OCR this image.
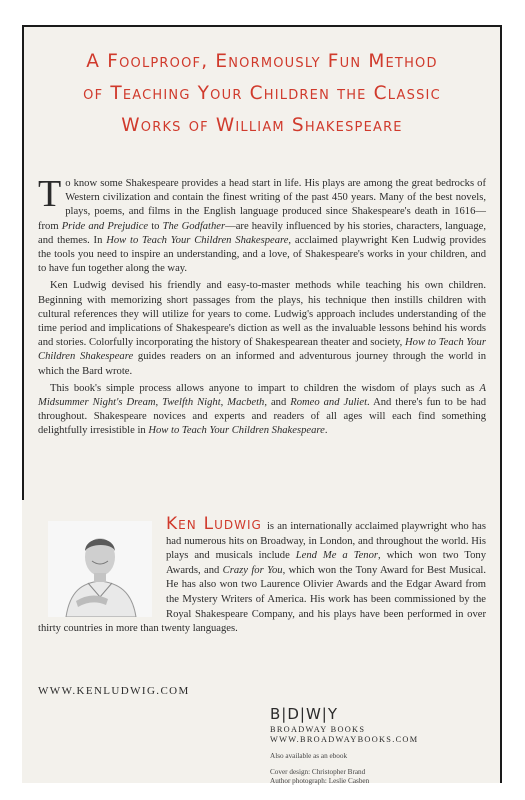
A Foolproof, Enormously Fun Method
of Teaching Your Children the Classic
Works of William Shakespeare

To know some Shakespeare provides a head start in life. His plays are among the great bedrocks of Western civilization and contain the finest writing of the past 450 years. Many of the best novels, plays, poems, and films in the English language produced since Shakespeare's death in 1616—from Pride and Prejudice to The Godfather—are heavily influenced by his stories, characters, language, and themes. In How to Teach Your Children Shakespeare, acclaimed playwright Ken Ludwig provides the tools you need to inspire an understanding, and a love, of Shakespeare's works in your children, and to have fun together along the way.

Ken Ludwig devised his friendly and easy-to-master methods while teaching his own children. Beginning with memorizing short passages from the plays, his technique then instills children with cultural references they will utilize for years to come. Ludwig's approach includes understanding of the time period and implications of Shakespeare's diction as well as the invaluable lessons behind his words and stories. Colorfully incorporating the history of Shakespearean theater and society, How to Teach Your Children Shakespeare guides readers on an informed and adventurous journey through the world in which the Bard wrote.

This book's simple process allows anyone to impart to children the wisdom of plays such as A Midsummer Night's Dream, Twelfth Night, Macbeth, and Romeo and Juliet. And there's fun to be had throughout. Shakespeare novices and experts and readers of all ages will each find something delightfully irresistible in How to Teach Your Children Shakespeare.

Ken Ludwig is an internationally acclaimed playwright who has had numerous hits on Broadway, in London, and throughout the world. His plays and musicals include Lend Me a Tenor, which won two Tony Awards, and Crazy for You, which won the Tony Award for Best Musical. He has also won two Laurence Olivier Awards and the Edgar Award from the Mystery Writers of America. His work has been commissioned by the Royal Shakespeare Company, and his plays have been performed in over thirty countries in more than twenty languages.
WWW.KENLUDWIG.COM
B|D|W|Y
BROADWAY BOOKS
WWW.BROADWAYBOOKS.COM
Also available as an ebook
Cover design: Christopher Brand
Author photograph: Leslie Casben
